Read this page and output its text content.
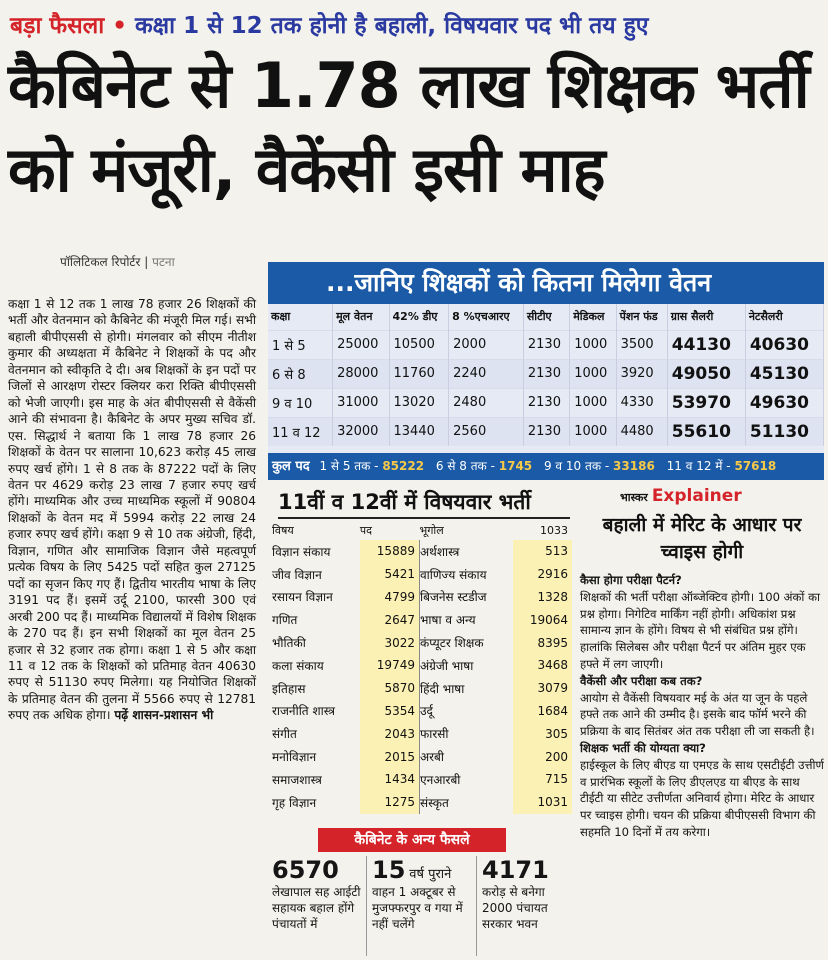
बड़ा फैसला • कक्षा 1 से 12 तक होनी है बहाली, विषयवार पद भी तय हुए
कैबिनेट से 1.78 लाख शिक्षक भर्ती को मंजूरी, वैकेंसी इसी माह
पॉलिटिकल रिपोर्टर | पटना
कक्षा 1 से 12 तक 1 लाख 78 हजार 26 शिक्षकों की भर्ती और वेतनमान को कैबिनेट की मंजूरी मिल गई। सभी बहाली बीपीएससी से होगी। मंगलवार को सीएम नीतीश कुमार की अध्यक्षता में कैबिनेट ने शिक्षकों के पद और वेतनमान को स्वीकृति दे दी। अब शिक्षकों के इन पदों पर जिलों से आरक्षण रोस्टर क्लियर करा रिक्ति बीपीएससी को भेजी जाएगी। इस माह के अंत बीपीएससी से वैकेंसी आने की संभावना है। कैबिनेट के अपर मुख्य सचिव डॉ. एस. सिद्धार्थ ने बताया कि 1 लाख 78 हजार 26 शिक्षकों के वेतन पर सालाना 10,623 करोड़ 45 लाख रुपए खर्च होंगे। 1 से 8 तक के 87222 पदों के लिए वेतन पर 4629 करोड़ 23 लाख 7 हजार रुपए खर्च होंगे। माध्यमिक और उच्च माध्यमिक स्कूलों में 90804 शिक्षकों के वेतन मद में 5994 करोड़ 22 लाख 24 हजार रुपए खर्च होंगे। कक्षा 9 से 10 तक अंग्रेजी, हिंदी, विज्ञान, गणित और सामाजिक विज्ञान जैसे महत्वपूर्ण प्रत्येक विषय के लिए 5425 पदों सहित कुल 27125 पदों का सृजन किए गए हैं। द्वितीय भारतीय भाषा के लिए 3191 पद हैं। इसमें उर्दू 2100, फारसी 300 एवं अरबी 200 पद हैं। माध्यमिक विद्यालयों में विशेष शिक्षक के 270 पद हैं। इन सभी शिक्षकों का मूल वेतन 25 हजार से 32 हजार तक होगा। कक्षा 1 से 5 और कक्षा 11 व 12 तक के शिक्षकों को प्रतिमाह वेतन 40630 रुपए से 51130 रुपए मिलेगा। यह नियोजित शिक्षकों के प्रतिमाह वेतन की तुलना में 5566 रुपए से 12781 रुपए तक अधिक होगा। पढ़ें शासन-प्रशासन भी
...जानिए शिक्षकों को कितना मिलेगा वेतन
कक्षा	मूल वेतन	42% डीए	8 %एचआरए	सीटीए	मेडिकल	पेंशन फंड	ग्रास सैलरी	नेटसैलरी
1 से 5	25000	10500	2000	2130	1000	3500	44130	40630
6 से 8	28000	11760	2240	2130	1000	3920	49050	45130
9 व 10	31000	13020	2480	2130	1000	4330	53970	49630
11 व 12	32000	13440	2560	2130	1000	4480	55610	51130
कुल पद 1 से 5 तक - 85222 6 से 8 तक - 1745 9 व 10 तक - 33186 11 व 12 में - 57618
11वीं व 12वीं में विषयवार भर्ती
विषय	पद	भूगोल	1033
विज्ञान संकाय	15889	अर्थशास्त्र	513
जीव विज्ञान	5421	वाणिज्य संकाय	2916
रसायन विज्ञान	4799	बिजनेस स्टडीज	1328
गणित	2647	भाषा व अन्य	19064
भौतिकी	3022	कंप्यूटर शिक्षक	8395
कला संकाय	19749	अंग्रेजी भाषा	3468
इतिहास	5870	हिंदी भाषा	3079
राजनीति शास्त्र	5354	उर्दू	1684
संगीत	2043	फारसी	305
मनोविज्ञान	2015	अरबी	200
समाजशास्त्र	1434	एनआरबी	715
गृह विज्ञान	1275	संस्कृत	1031
भास्कर Explainer
बहाली में मेरिट के आधार पर च्वाइस होगी
कैसा होगा परीक्षा पैटर्न?
शिक्षकों की भर्ती परीक्षा ऑब्जेक्टिव होगी। 100 अंकों का प्रश्न होगा। निगेटिव मार्किंग नहीं होगी। अधिकांश प्रश्न सामान्य ज्ञान के होंगे। विषय से भी संबंधित प्रश्न होंगे। हालांकि सिलेबस और परीक्षा पैटर्न पर अंतिम मुहर एक हफ्ते में लग जाएगी।
वैकेंसी और परीक्षा कब तक?
आयोग से वैकेंसी विषयवार मई के अंत या जून के पहले हफ्ते तक आने की उम्मीद है। इसके बाद फॉर्म भरने की प्रक्रिया के बाद सितंबर अंत तक परीक्षा ली जा सकती है।
शिक्षक भर्ती की योग्यता क्या?
हाईस्कूल के लिए बीएड या एमएड के साथ एसटीईटी उत्तीर्ण व प्रारंभिक स्कूलों के लिए डीएलएड या बीएड के साथ टीईटी या सीटेट उत्तीर्णता अनिवार्य होगा। मेरिट के आधार पर च्वाइस होगी। चयन की प्रक्रिया बीपीएससी विभाग की सहमति 10 दिनों में तय करेगा।
कैबिनेट के अन्य फैसले
6570
लेखापाल सह आईटी सहायक बहाल होंगे पंचायतों में
15 वर्ष पुराने
वाहन 1 अक्टूबर से मुजफ्फरपुर व गया में नहीं चलेंगे
4171
करोड़ से बनेगा 2000 पंचायत सरकार भवन
